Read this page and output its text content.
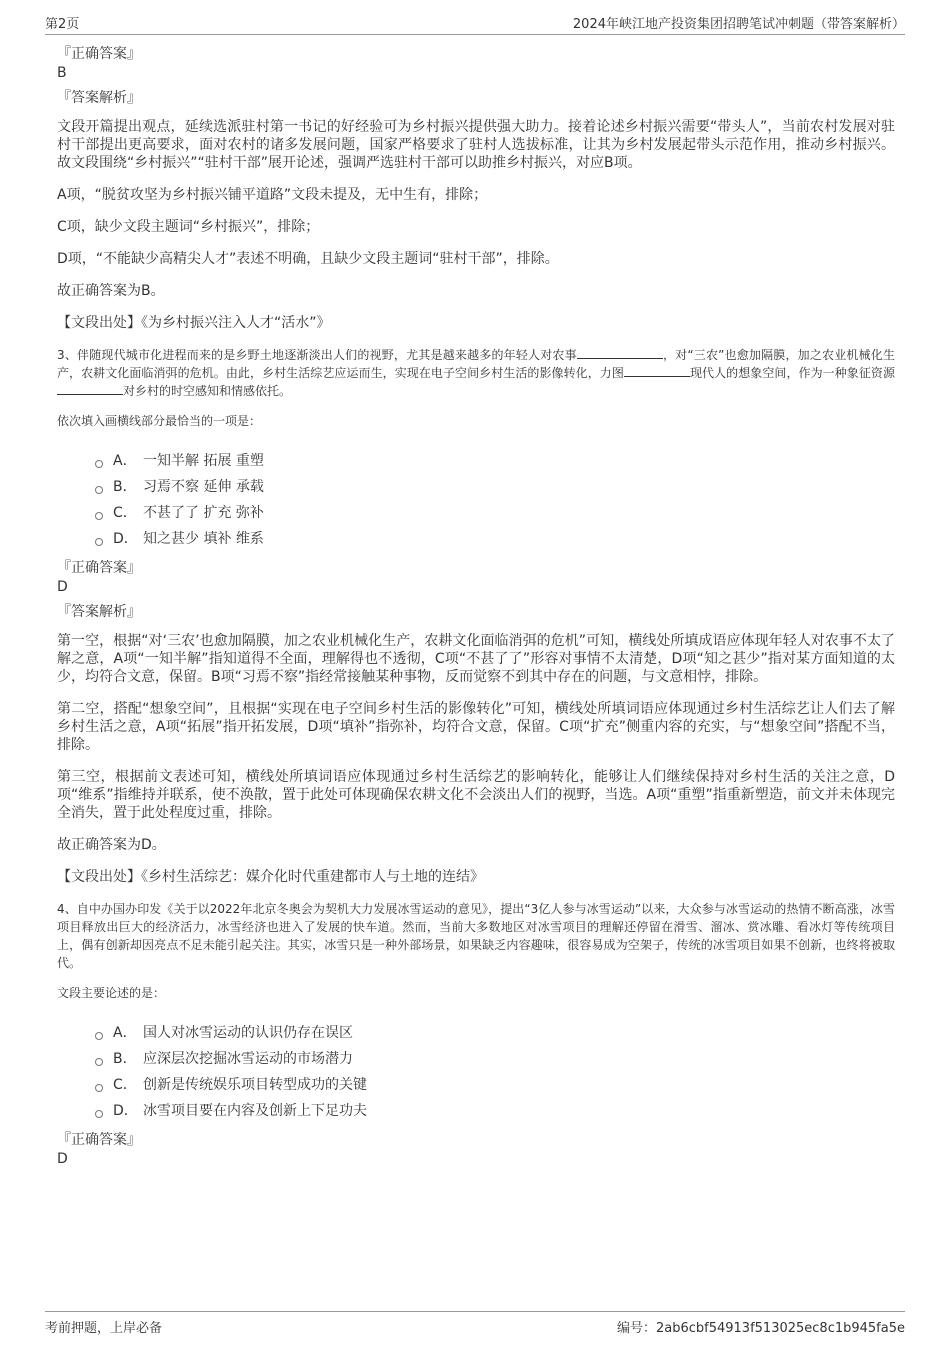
第2页	2024年峡江地产投资集团招聘笔试冲刺题（带答案解析）

『正确答案』

B

『答案解析』

文段开篇提出观点，延续选派驻村第一书记的好经验可为乡村振兴提供强大助力。接着论述乡村振兴需要“带头人”，当前农村发展对驻村干部提出更高要求，面对农村的诸多发展问题，国家严格要求了驻村人选拔标准，让其为乡村发展起带头示范作用，推动乡村振兴。故文段围绕“乡村振兴”“驻村干部”展开论述，强调严选驻村干部可以助推乡村振兴，对应B项。

A项，“脱贫攻坚为乡村振兴铺平道路”文段未提及，无中生有，排除；

C项，缺少文段主题词“乡村振兴”，排除；

D项，“不能缺少高精尖人才”表述不明确，且缺少文段主题词“驻村干部”，排除。

故正确答案为B。

【文段出处】《为乡村振兴注入人才“活水”》

3、伴随现代城市化进程而来的是乡野土地逐渐淡出人们的视野，尤其是越来越多的年轻人对农事	，对“三农”也愈加隔膜，加之农业机械化生产，农耕文化面临消弭的危机。由此，乡村生活综艺应运而生，实现在电子空间乡村生活的影像转化，力图	现代人的想象空间，作为一种象征资源对乡村的时空感知和情感依托。

依次填入画横线部分最恰当的一项是：

A． 一知半解 拓展 重塑
B． 习焉不察 延伸 承载
C． 不甚了了 扩充 弥补
D． 知之甚少 填补 维系

『正确答案』

D

『答案解析』

第一空，根据“对‘三农’也愈加隔膜，加之农业机械化生产，农耕文化面临消弭的危机”可知，横线处所填成语应体现年轻人对农事不太了解之意，A项“一知半解”指知道得不全面，理解得也不透彻，C项“不甚了了”形容对事情不太清楚，D项“知之甚少”指对某方面知道的太少，均符合文意，保留。B项“习焉不察”指经常接触某种事物，反而觉察不到其中存在的问题，与文意相悖，排除。

第二空，搭配“想象空间”，且根据“实现在电子空间乡村生活的影像转化”可知，横线处所填词语应体现通过乡村生活综艺让人们去了解乡村生活之意，A项“拓展”指开拓发展，D项“填补”指弥补，均符合文意，保留。C项“扩充”侧重内容的充实，与“想象空间”搭配不当，排除。

第三空，根据前文表述可知，横线处所填词语应体现通过乡村生活综艺的影响转化，能够让人们继续保持对乡村生活的关注之意，D项“维系”指维持并联系，使不涣散，置于此处可体现确保农耕文化不会淡出人们的视野，当选。A项“重塑”指重新塑造，前文并未体现完全消失，置于此处程度过重，排除。

故正确答案为D。

【文段出处】《乡村生活综艺：媒介化时代重建都市人与土地的连结》

4、自中办国办印发《关于以2022年北京冬奥会为契机大力发展冰雪运动的意见》，提出“3亿人参与冰雪运动”以来，大众参与冰雪运动的热情不断高涨，冰雪项目释放出巨大的经济活力，冰雪经济也进入了发展的快车道。然而，当前大多数地区对冰雪项目的理解还停留在滑雪、溜冰、赏冰雕、看冰灯等传统项目上，偶有创新却因亮点不足未能引起关注。其实，冰雪只是一种外部场景，如果缺乏内容趣味，很容易成为空架子，传统的冰雪项目如果不创新，也终将被取代。

文段主要论述的是：

A． 国人对冰雪运动的认识仍存在误区
B． 应深层次挖掘冰雪运动的市场潜力
C． 创新是传统娱乐项目转型成功的关键
D． 冰雪项目要在内容及创新上下足功夫

『正确答案』

D

考前押题，上岸必备	编号：2ab6cbf54913f513025ec8c1b945fa5e
